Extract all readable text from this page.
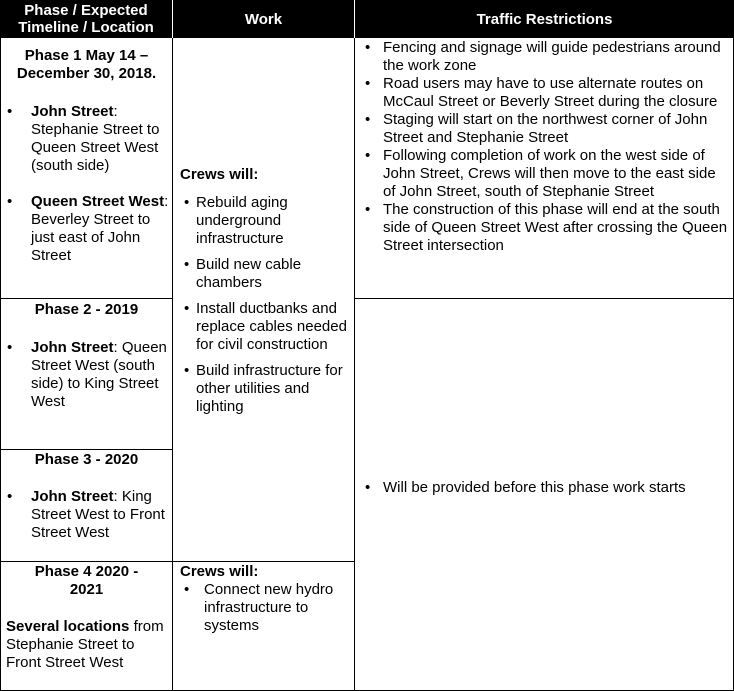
Phase / Expected Timeline / Location	Work	Traffic Restrictions

Phase 1 May 14 – December 30, 2018.

• John Street: Stephanie Street to Queen Street West (south side)
• Queen Street West: Beverley Street to just east of John Street

Phase 2 - 2019

• John Street: Queen Street West (south side) to King Street West

Phase 3 - 2020

• John Street: King Street West to Front Street West

Phase 4 2020 - 2021

Several locations from Stephanie Street to Front Street West

Crews will:
• Rebuild aging underground infrastructure
• Build new cable chambers
• Install ductbanks and replace cables needed for civil construction
• Build infrastructure for other utilities and lighting
Crews will:
• Connect new hydro infrastructure to systems
• Fencing and signage will guide pedestrians around the work zone
• Road users may have to use alternate routes on McCaul Street or Beverly Street during the closure
• Staging will start on the northwest corner of John Street and Stephanie Street
• Following completion of work on the west side of John Street, Crews will then move to the east side of John Street, south of Stephanie Street
• The construction of this phase will end at the south side of Queen Street West after crossing the Queen Street intersection
• Will be provided before this phase work starts
